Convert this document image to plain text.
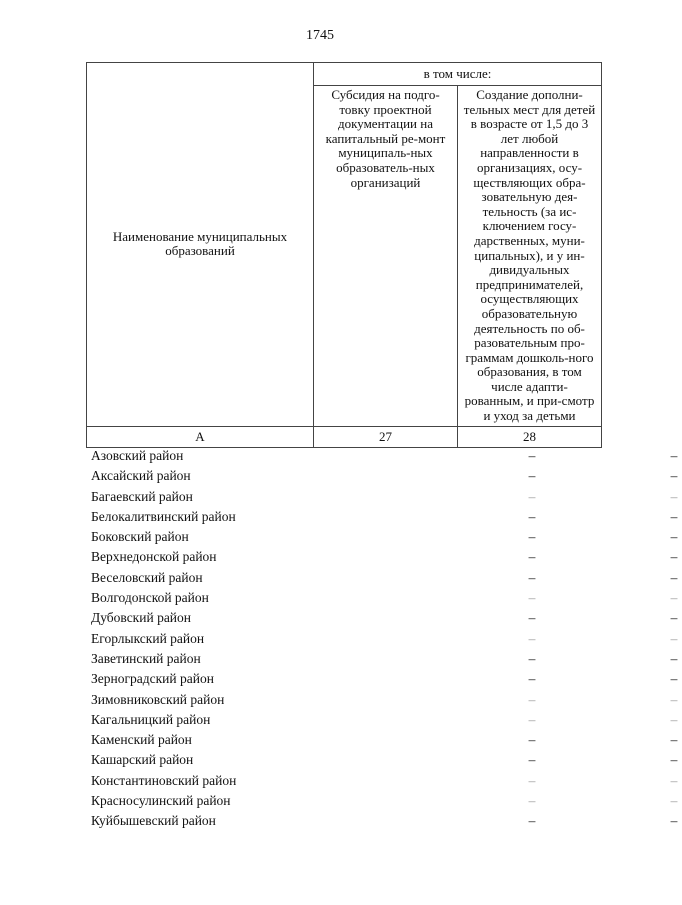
1745
Наименование муниципальных образований	в том числе:	

	Субсидия на подго-товку проектной документации на капитальный ре-монт муниципаль-ных образователь-ных организаций	Создание дополни-тельных мест для детей в возрасте от 1,5 до 3 лет любой направленности в организациях, осу-ществляющих обра-зовательную дея-тельность (за ис-ключением госу-дарственных, муни-ципальных), и у ин-дивидуальных предпринимателей, осуществляющих образовательную деятельность по об-разовательным про-граммам дошколь-ного образования, в том числе адапти-рованным, и при-смотр и уход за детьми

А	27	28
Азовский район	–	–
Аксайский район	–	–
Багаевский район	–	–
Белокалитвинский район	–	–
Боковский район	–	–
Верхнедонской район	–	–
Веселовский район	–	–
Волгодонской район	–	–
Дубовский район	–	–
Егорлыкский район	–	–
Заветинский район	–	–
Зерноградский район	–	–
Зимовниковский район	–	–
Кагальницкий район	–	–
Каменский район	–	–
Кашарский район	–	–
Константиновский район	–	–
Красносулинский район	–	–
Куйбышевский район	–	–
